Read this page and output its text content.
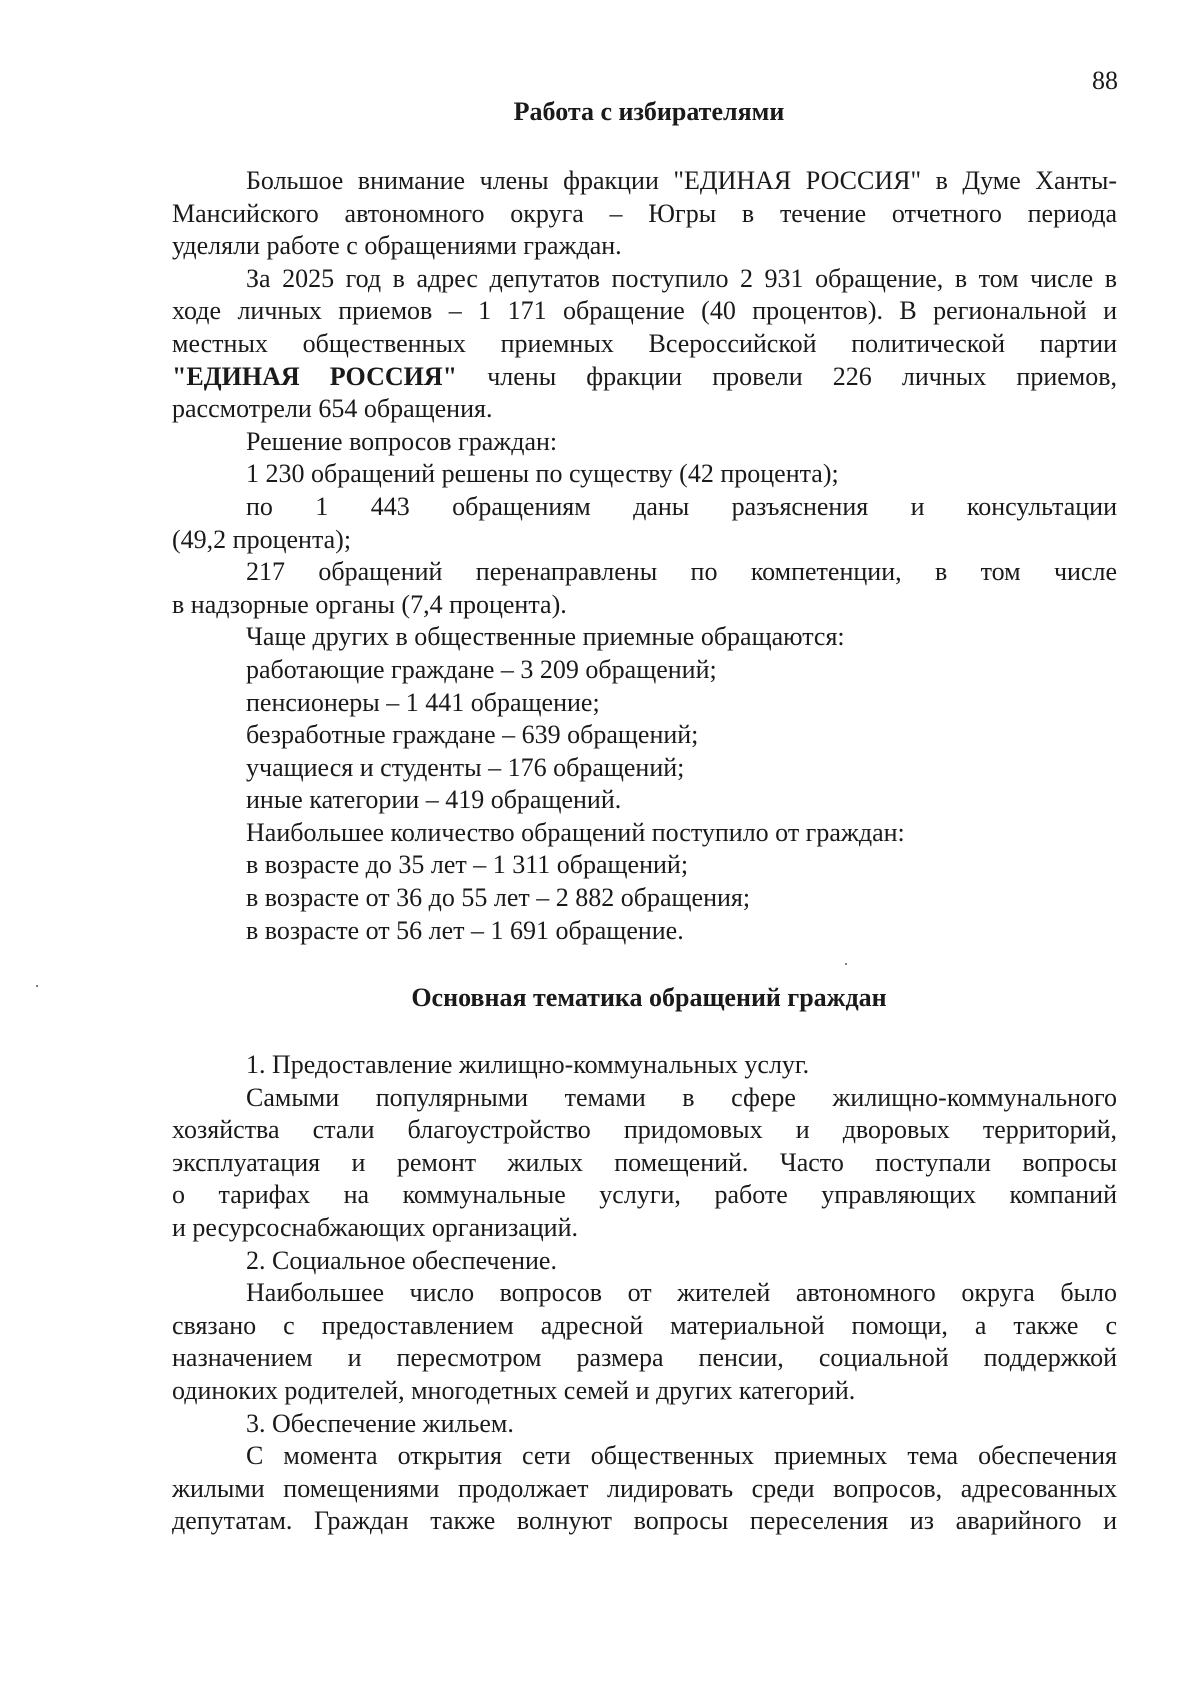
88
Работа с избирателями
Большое внимание члены фракции "ЕДИНАЯ РОССИЯ" в Думе Ханты-
Мансийского автономного округа – Югры в течение отчетного периода
уделяли работе с обращениями граждан.
За 2025 год в адрес депутатов поступило 2 931 обращение, в том числе в
ходе личных приемов – 1 171 обращение (40 процентов). В региональной и
местных общественных приемных Всероссийской политической партии
"ЕДИНАЯ РОССИЯ" члены фракции провели 226 личных приемов,
рассмотрели 654 обращения.
Решение вопросов граждан:
1 230 обращений решены по существу (42 процента);
по 1 443 обращениям даны разъяснения и консультации
(49,2 процента);
217 обращений перенаправлены по компетенции, в том числе
в надзорные органы (7,4 процента).
Чаще других в общественные приемные обращаются:
работающие граждане – 3 209 обращений;
пенсионеры – 1 441 обращение;
безработные граждане – 639 обращений;
учащиеся и студенты – 176 обращений;
иные категории – 419 обращений.
Наибольшее количество обращений поступило от граждан:
в возрасте до 35 лет – 1 311 обращений;
в возрасте от 36 до 55 лет – 2 882 обращения;
в возрасте от 56 лет – 1 691 обращение.
Основная тематика обращений граждан
1. Предоставление жилищно-коммунальных услуг.
Самыми популярными темами в сфере жилищно-коммунального
хозяйства стали благоустройство придомовых и дворовых территорий,
эксплуатация и ремонт жилых помещений. Часто поступали вопросы
о тарифах на коммунальные услуги, работе управляющих компаний
и ресурсоснабжающих организаций.
2. Социальное обеспечение.
Наибольшее число вопросов от жителей автономного округа было
связано с предоставлением адресной материальной помощи, а также с
назначением и пересмотром размера пенсии, социальной поддержкой
одиноких родителей, многодетных семей и других категорий.
3. Обеспечение жильем.
С момента открытия сети общественных приемных тема обеспечения
жилыми помещениями продолжает лидировать среди вопросов, адресованных
депутатам. Граждан также волнуют вопросы переселения из аварийного и
